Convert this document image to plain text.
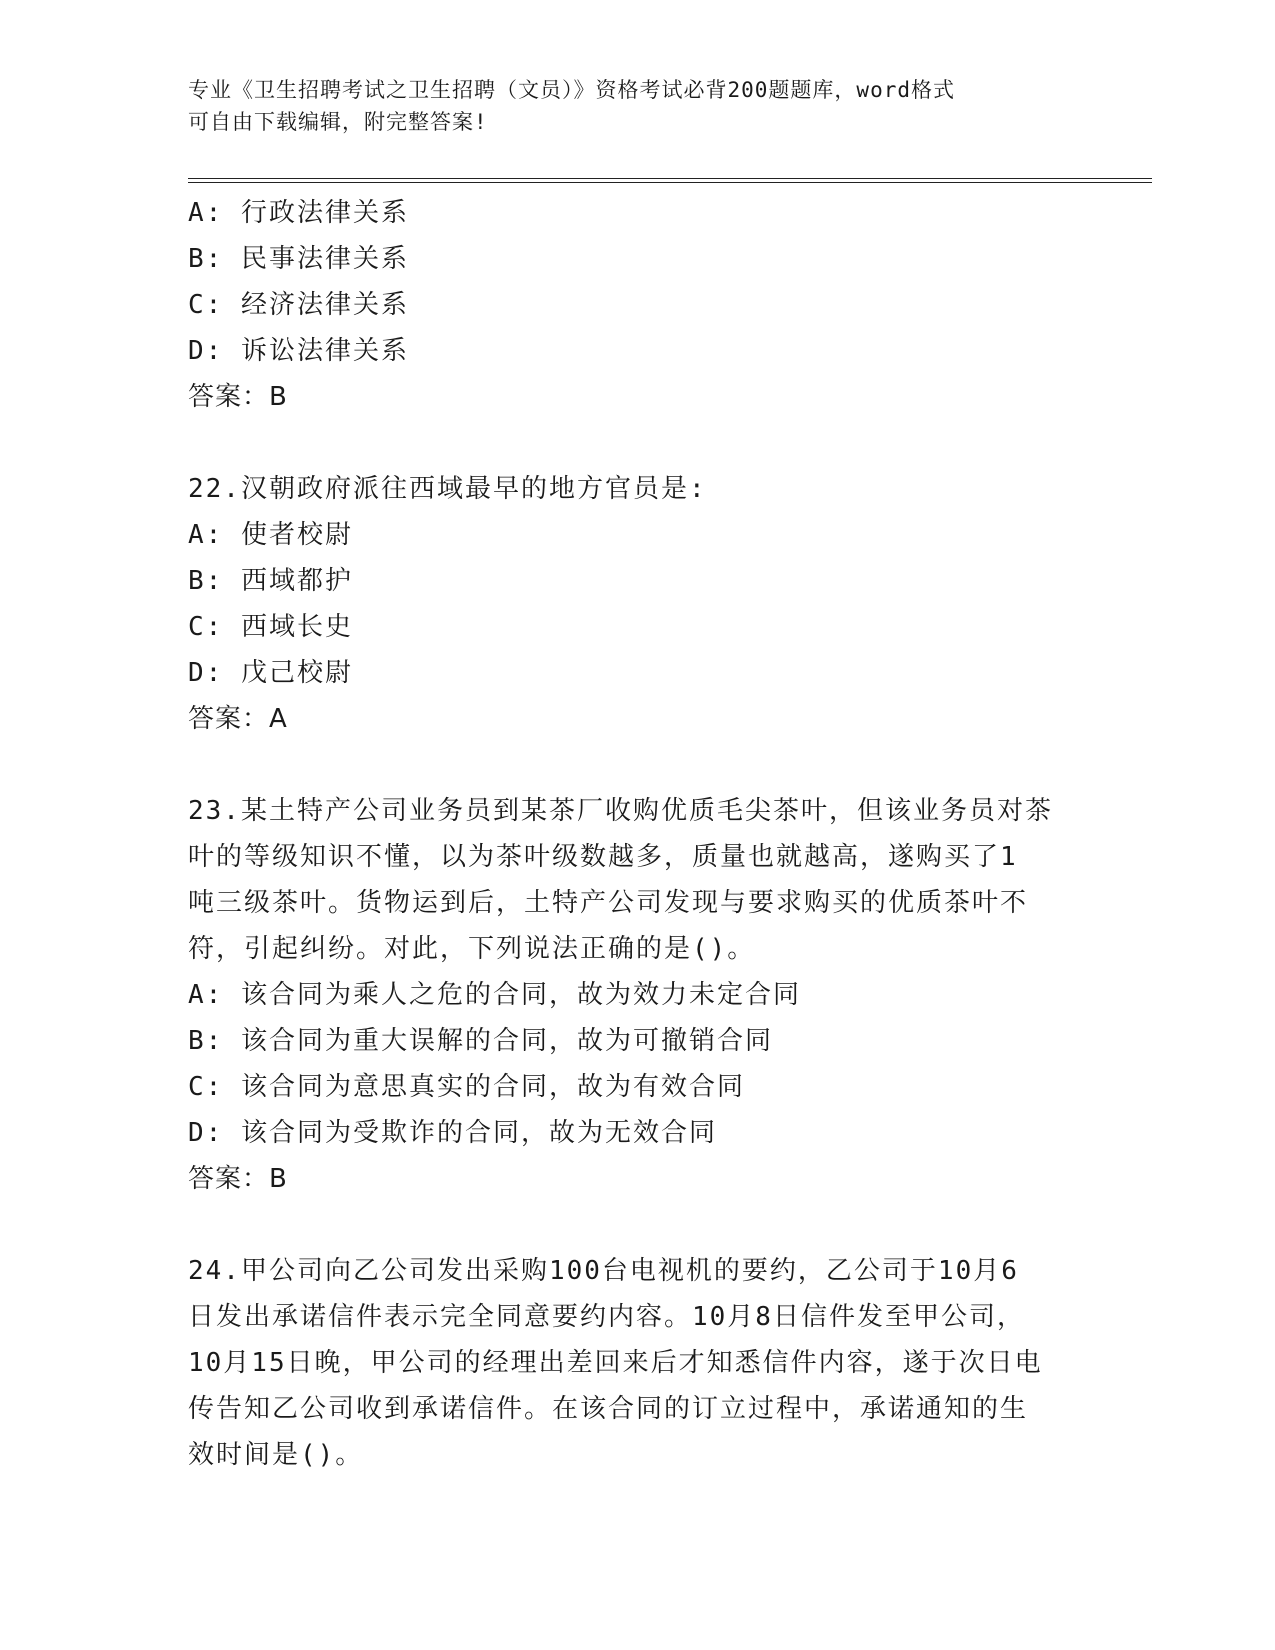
专业《卫生招聘考试之卫生招聘（文员）》资格考试必背200题题库，word格式
可自由下载编辑，附完整答案!
A: 行政法律关系
B: 民事法律关系
C: 经济法律关系
D: 诉讼法律关系
答案：B
22.汉朝政府派往西域最早的地方官员是:
A: 使者校尉
B: 西域都护
C: 西域长史
D: 戊己校尉
答案：A
23.某土特产公司业务员到某茶厂收购优质毛尖茶叶，但该业务员对茶
叶的等级知识不懂，以为茶叶级数越多，质量也就越高，遂购买了1
吨三级茶叶。货物运到后，土特产公司发现与要求购买的优质茶叶不
符，引起纠纷。对此，下列说法正确的是()。
A: 该合同为乘人之危的合同，故为效力未定合同
B: 该合同为重大误解的合同，故为可撤销合同
C: 该合同为意思真实的合同，故为有效合同
D: 该合同为受欺诈的合同，故为无效合同
答案：B
24.甲公司向乙公司发出采购100台电视机的要约，乙公司于10月6
日发出承诺信件表示完全同意要约内容。10月8日信件发至甲公司，
10月15日晚，甲公司的经理出差回来后才知悉信件内容，遂于次日电
传告知乙公司收到承诺信件。在该合同的订立过程中，承诺通知的生
效时间是()。
